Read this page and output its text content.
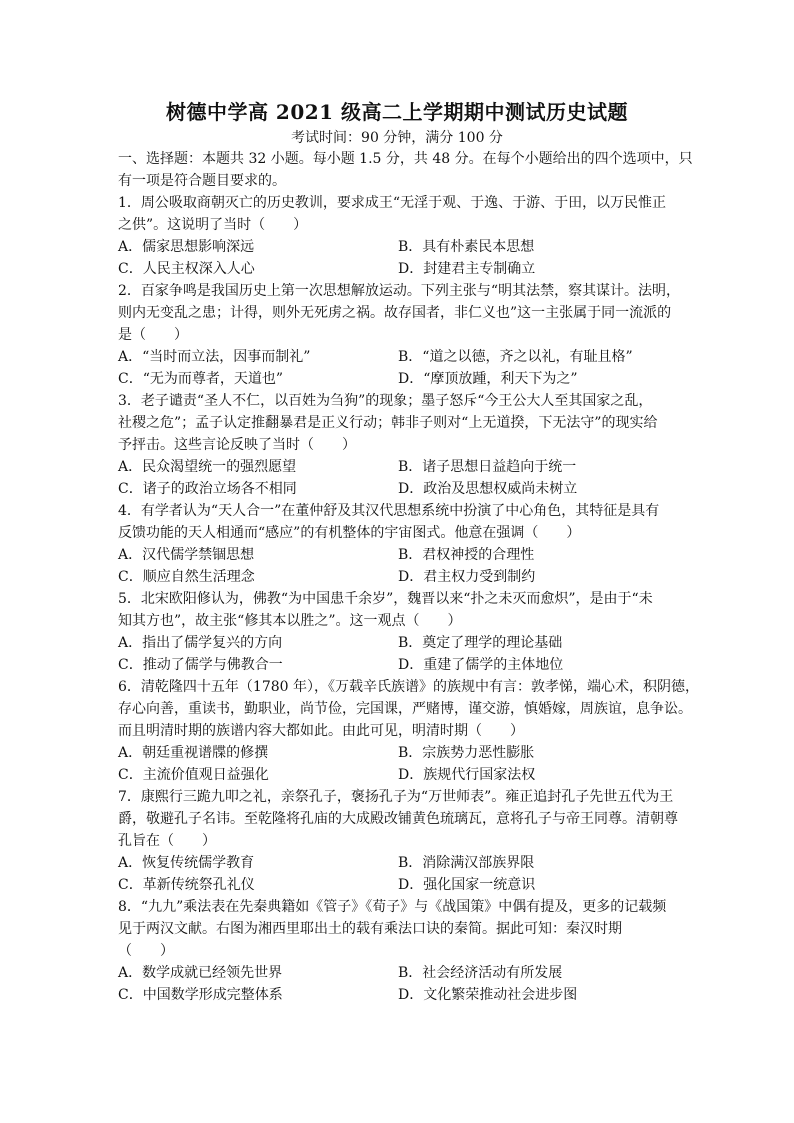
树德中学高 2021 级高二上学期期中测试历史试题
考试时间：90 分钟，满分 100 分
一、选择题：本题共 32 小题。每小题 1.5 分，共 48 分。在每个小题给出的四个选项中，只
有一项是符合题目要求的。
1．周公吸取商朝灭亡的历史教训，要求成王“无淫于观、于逸、于游、于田，以万民惟正
之供”。这说明了当时（　　）
A．儒家思想影响深远	B．具有朴素民本思想
C．人民主权深入人心	D．封建君主专制确立
2．百家争鸣是我国历史上第一次思想解放运动。下列主张与“明其法禁，察其谋计。法明，
则内无变乱之患；计得，则外无死虏之祸。故存国者，非仁义也”这一主张属于同一流派的
是（　　）
A．“当时而立法，因事而制礼”	B．“道之以德，齐之以礼，有耻且格”
C．“无为而尊者，天道也”	D．“摩顶放踵，利天下为之”
3．老子谴责“圣人不仁，以百姓为刍狗”的现象；墨子怒斥“今王公大人至其国家之乱，
社稷之危”；孟子认定推翻暴君是正义行动；韩非子则对“上无道揆，下无法守”的现实给
予抨击。这些言论反映了当时（　　）
A．民众渴望统一的强烈愿望	B．诸子思想日益趋向于统一
C．诸子的政治立场各不相同	D．政治及思想权威尚未树立
4．有学者认为“天人合一”在董仲舒及其汉代思想系统中扮演了中心角色，其特征是具有
反馈功能的天人相通而“感应”的有机整体的宇宙图式。他意在强调（　　）
A．汉代儒学禁锢思想	B．君权神授的合理性
C．顺应自然生活理念	D．君主权力受到制约
5．北宋欧阳修认为，佛教“为中国患千余岁”，魏晋以来“扑之未灭而愈炽”，是由于“未
知其方也”，故主张“修其本以胜之”。这一观点（　　）
A．指出了儒学复兴的方向	B．奠定了理学的理论基础
C．推动了儒学与佛教合一	D．重建了儒学的主体地位
6．清乾隆四十五年（1780 年），《万载辛氏族谱》的族规中有言：敦孝悌，端心术，积阴德，
存心向善，重读书，勤职业，尚节俭，完国课，严赌博，谨交游，慎婚嫁，周族谊，息争讼。
而且明清时期的族谱内容大都如此。由此可见，明清时期（　　）
A．朝廷重视谱牒的修撰	B．宗族势力恶性膨胀
C．主流价值观日益强化	D．族规代行国家法权
7．康熙行三跪九叩之礼，亲祭孔子，褒扬孔子为“万世师表”。雍正追封孔子先世五代为王
爵，敬避孔子名讳。至乾隆将孔庙的大成殿改铺黄色琉璃瓦，意将孔子与帝王同尊。清朝尊
孔旨在（　　）
A．恢复传统儒学教育	B．消除满汉部族界限
C．革新传统祭孔礼仪	D．强化国家一统意识
8．“九九”乘法表在先秦典籍如《管子》《荀子》与《战国策》中偶有提及，更多的记载频
见于两汉文献。右图为湘西里耶出土的载有乘法口诀的秦简。据此可知：秦汉时期
（　　）
A．数学成就已经领先世界	B．社会经济活动有所发展
C．中国数学形成完整体系	D．文化繁荣推动社会进步图
